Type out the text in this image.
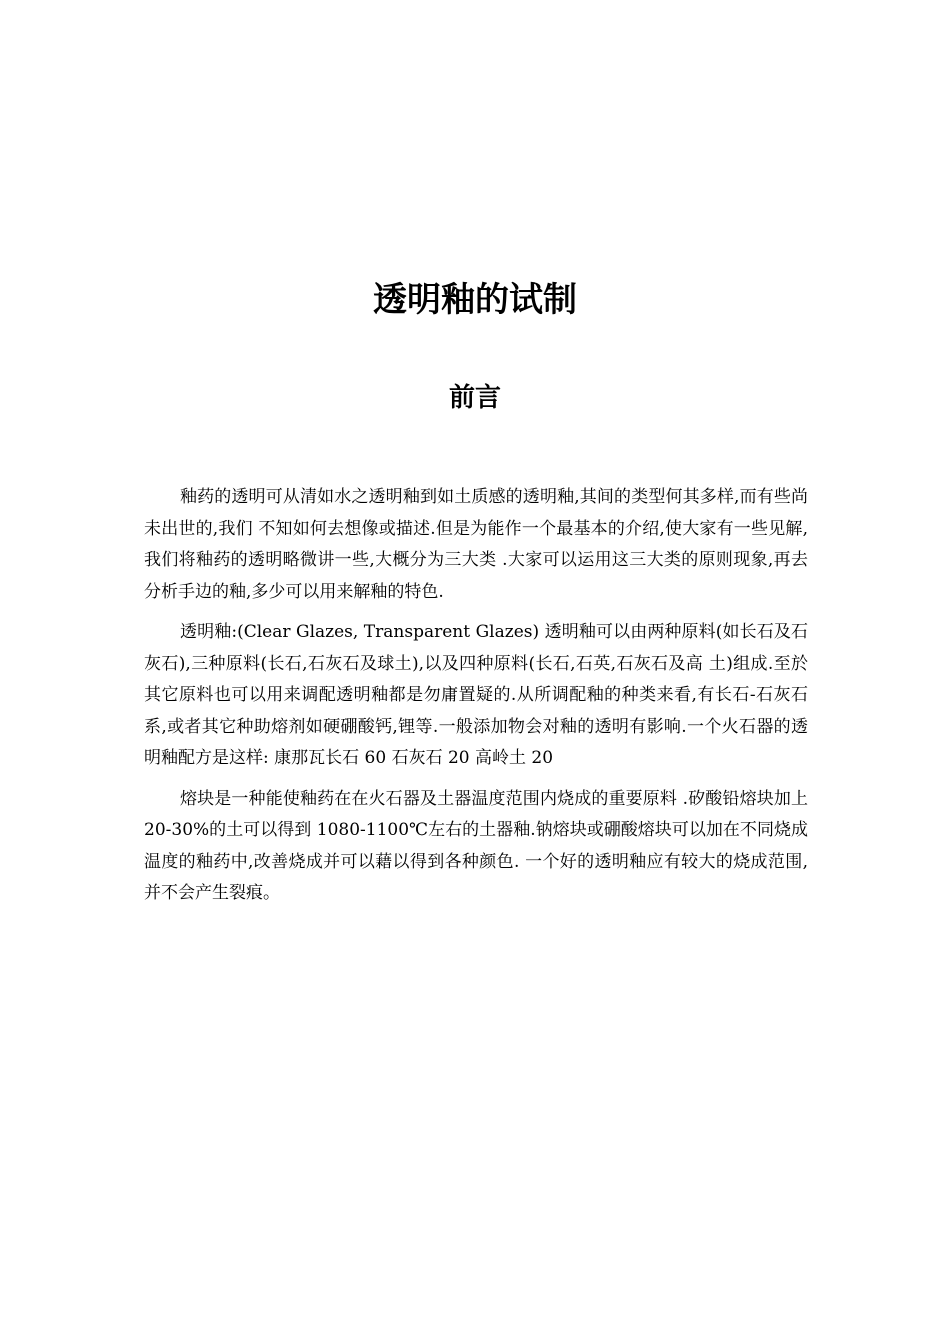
透明釉的试制
前言

釉药的透明可从清如水之透明釉到如土质感的透明釉,其间的类型何其多样,而有些尚未出世的,我们 不知如何去想像或描述.但是为能作一个最基本的介绍,使大家有一些见解,我们将釉药的透明略微讲一些,大概分为三大类 .大家可以运用这三大类的原则现象,再去分析手边的釉,多少可以用来解釉的特色.

透明釉:(Clear Glazes, Transparent Glazes) 透明釉可以由两种原料(如长石及石灰石),三种原料(长石,石灰石及球土),以及四种原料(长石,石英,石灰石及高 土)组成.至於其它原料也可以用来调配透明釉都是勿庸置疑的.从所调配釉的种类来看,有长石-石灰石系,或者其它种助熔剂如硬硼酸钙,锂等.一般添加物会对釉的透明有影响.一个火石器的透明釉配方是这样: 康那瓦长石 60 石灰石 20 高岭土 20

熔块是一种能使釉药在在火石器及土器温度范围内烧成的重要原料 .矽酸铅熔块加上 20-30%的土可以得到 1080-1100℃左右的土器釉.钠熔块或硼酸熔块可以加在不同烧成温度的釉药中,改善烧成并可以藉以得到各种颜色. 一个好的透明釉应有较大的烧成范围,并不会产生裂痕。
